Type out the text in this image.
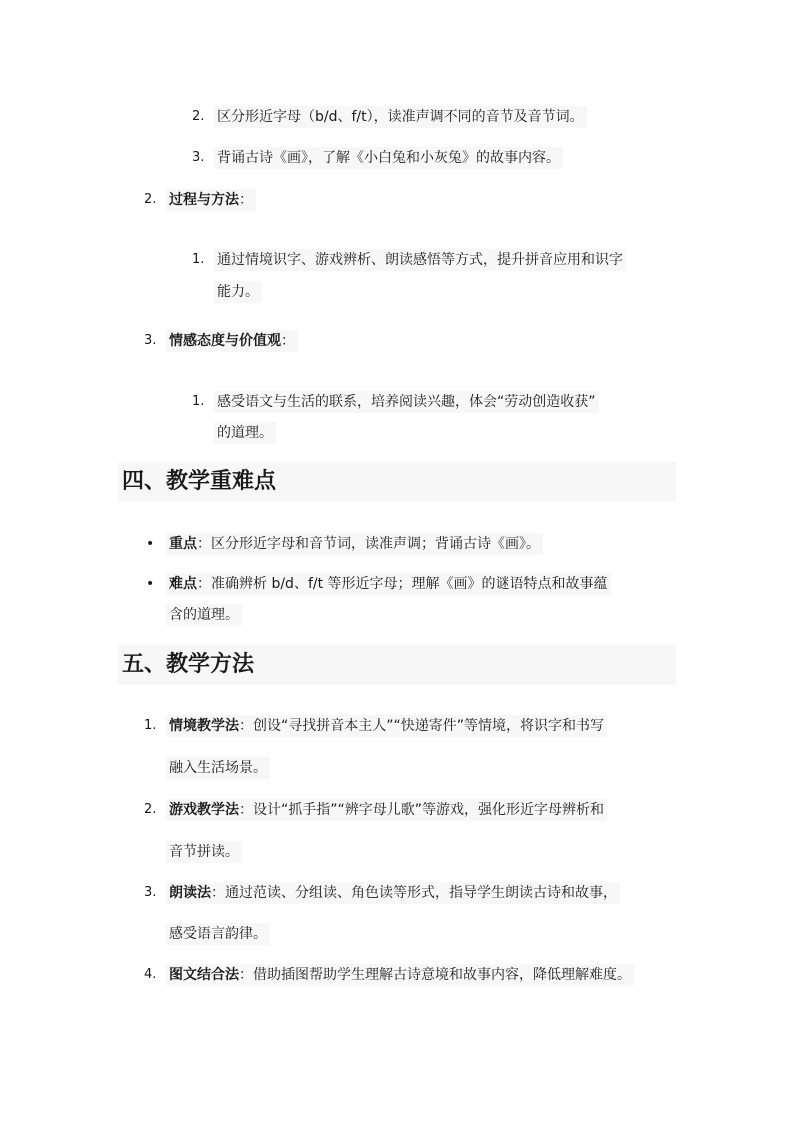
2. 区分形近字母（b/d、f/t），读准声调不同的音节及音节词。
3. 背诵古诗《画》，了解《小白兔和小灰兔》的故事内容。
2. 过程与方法：
1. 通过情境识字、游戏辨析、朗读感悟等方式，提升拼音应用和识字
能力。
3. 情感态度与价值观：
1. 感受语文与生活的联系，培养阅读兴趣，体会“劳动创造收获”
的道理。
四、教学重难点
• 重点：区分形近字母和音节词，读准声调；背诵古诗《画》。
• 难点：准确辨析 b/d、f/t 等形近字母；理解《画》的谜语特点和故事蕴
含的道理。
五、教学方法
1. 情境教学法：创设“寻找拼音本主人”“快递寄件”等情境，将识字和书写
融入生活场景。
2. 游戏教学法：设计“抓手指”“辨字母儿歌”等游戏，强化形近字母辨析和
音节拼读。
3. 朗读法：通过范读、分组读、角色读等形式，指导学生朗读古诗和故事，
感受语言韵律。
4. 图文结合法：借助插图帮助学生理解古诗意境和故事内容，降低理解难度。
